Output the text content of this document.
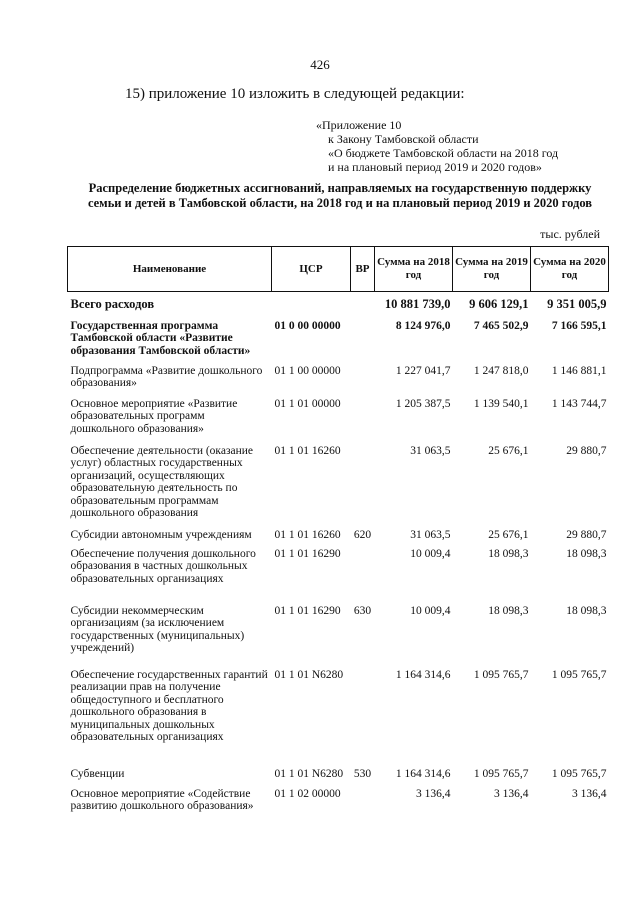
426
15) приложение 10 изложить в следующей редакции:
«Приложение 10
к Закону Тамбовской области
«О бюджете Тамбовской области на 2018 год
и на плановый период 2019 и 2020 годов»
Распределение бюджетных ассигнований, направляемых на государственную поддержку семьи и детей в Тамбовской области, на 2018 год и на плановый период 2019 и 2020 годов
тыс. рублей
Наименование	ЦСР	ВР	Сумма на 2018 год	Сумма на 2019 год	Сумма на 2020 год
Всего расходов			10 881 739,0	9 606 129,1	9 351 005,9
Государственная программа Тамбовской области «Развитие образования Тамбовской области»	01 0 00 00000		8 124 976,0	7 465 502,9	7 166 595,1
Подпрограмма «Развитие дошкольного образования»	01 1 00 00000		1 227 041,7	1 247 818,0	1 146 881,1
Основное мероприятие «Развитие образовательных программ дошкольного образования»	01 1 01 00000		1 205 387,5	1 139 540,1	1 143 744,7
Обеспечение деятельности (оказание услуг) областных государственных организаций, осуществляющих образовательную деятельность по образовательным программам дошкольного образования	01 1 01 16260		31 063,5	25 676,1	29 880,7
Субсидии автономным учреждениям	01 1 01 16260	620	31 063,5	25 676,1	29 880,7
Обеспечение получения дошкольного образования в частных дошкольных образовательных организациях	01 1 01 16290		10 009,4	18 098,3	18 098,3
Субсидии некоммерческим организациям (за исключением государственных (муниципальных) учреждений)	01 1 01 16290	630	10 009,4	18 098,3	18 098,3
Обеспечение государственных гарантий реализации прав на получение общедоступного и бесплатного дошкольного образования в муниципальных дошкольных образовательных организациях	01 1 01 N6280		1 164 314,6	1 095 765,7	1 095 765,7
Субвенции	01 1 01 N6280	530	1 164 314,6	1 095 765,7	1 095 765,7
Основное мероприятие «Содействие развитию дошкольного образования»	01 1 02 00000		3 136,4	3 136,4	3 136,4
